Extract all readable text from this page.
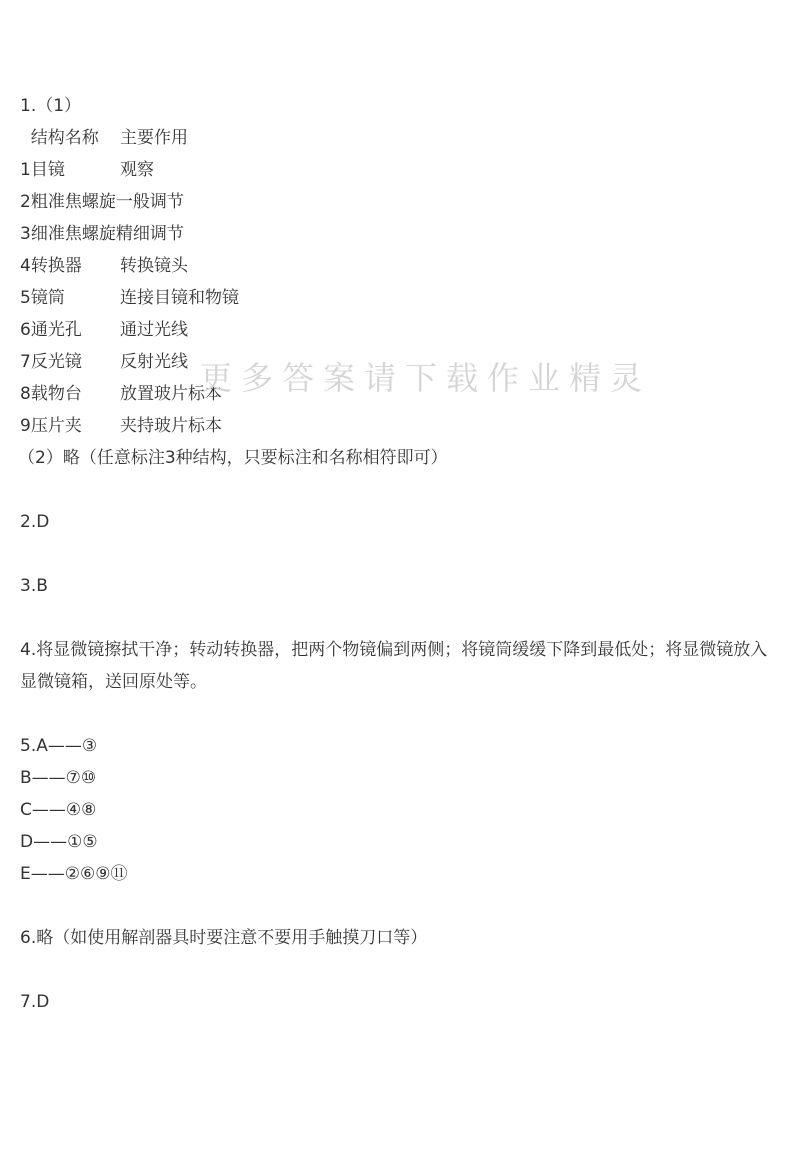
1.（1）
结构名称 主要作用
1目镜	观察
2粗准焦螺旋一般调节
3细准焦螺旋精细调节
4转换器 转换镜头
5镜筒	连接目镜和物镜
6通光孔 通过光线
7反光镜 反射光线
8载物台 放置玻片标本
9压片夹 夹持玻片标本
（2）略（任意标注3种结构，只要标注和名称相符即可）
2.D
3.B
4.将显微镜擦拭干净；转动转换器，把两个物镜偏到两侧；将镜筒缓缓下降到最低处；将显微镜放入显微镜箱，送回原处等。
5.A——③
B——⑦⑩
C——④⑧
D——①⑤
E——②⑥⑨⑪
6.略（如使用解剖器具时要注意不要用手触摸刀口等）
7.D
更多答案请下载作业精灵
